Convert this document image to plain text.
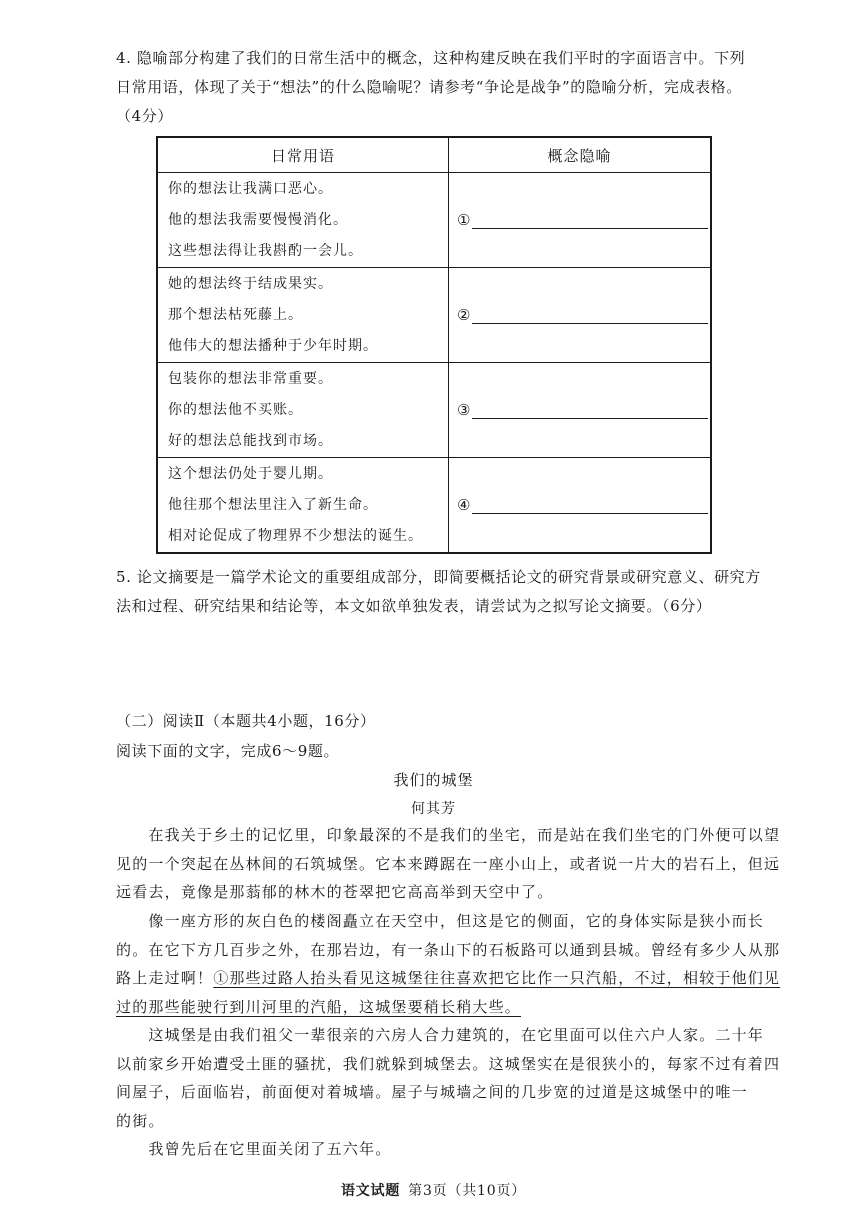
4. 隐喻部分构建了我们的日常生活中的概念，这种构建反映在我们平时的字面语言中。下列
日常用语，体现了关于“想法”的什么隐喻呢？请参考“争论是战争”的隐喻分析，完成表格。
（4分）
日常用语	概念隐喻

你的想法让我满口恶心。
他的想法我需要慢慢消化。
这些想法得让我斟酌一会儿。	①

她的想法终于结成果实。
那个想法枯死藤上。
他伟大的想法播种于少年时期。	②

包装你的想法非常重要。
你的想法他不买账。
好的想法总能找到市场。	③

这个想法仍处于婴儿期。
他往那个想法里注入了新生命。
相对论促成了物理界不少想法的诞生。	④
5. 论文摘要是一篇学术论文的重要组成部分，即简要概括论文的研究背景或研究意义、研究方
法和过程、研究结果和结论等，本文如欲单独发表，请尝试为之拟写论文摘要。（6分）
（二）阅读Ⅱ（本题共4小题，16分）
阅读下面的文字，完成6～9题。
我们的城堡
何其芳
　　在我关于乡土的记忆里，印象最深的不是我们的坐宅，而是站在我们坐宅的门外便可以望
见的一个突起在丛林间的石筑城堡。它本来蹲踞在一座小山上，或者说一片大的岩石上，但远
远看去，竟像是那蓊郁的林木的苍翠把它高高举到天空中了。
　　像一座方形的灰白色的楼阁矗立在天空中，但这是它的侧面，它的身体实际是狭小而长
的。在它下方几百步之外，在那岩边，有一条山下的石板路可以通到县城。曾经有多少人从那
路上走过啊！①那些过路人抬头看见这城堡往往喜欢把它比作一只汽船，不过，相较于他们见
过的那些能驶行到川河里的汽船，这城堡要稍长稍大些。
　　这城堡是由我们祖父一辈很亲的六房人合力建筑的，在它里面可以住六户人家。二十年
以前家乡开始遭受土匪的骚扰，我们就躲到城堡去。这城堡实在是很狭小的，每家不过有着四
间屋子，后面临岩，前面便对着城墙。屋子与城墙之间的几步宽的过道是这城堡中的唯一
的街。
　　我曾先后在它里面关闭了五六年。
语文试题 第3页（共10页）
